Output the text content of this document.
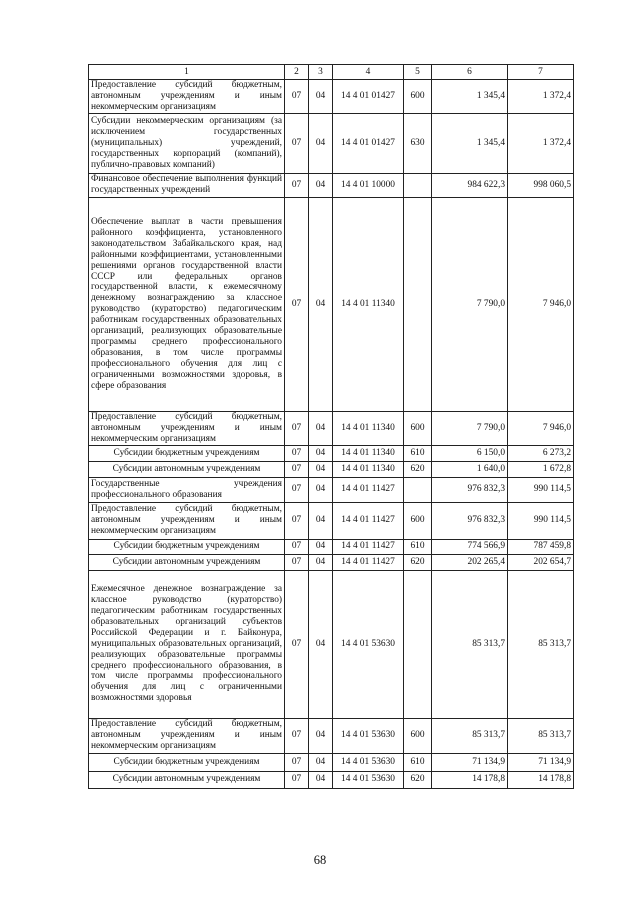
1	2	3	4	5	6	7
Предоставление субсидий бюджетным, автономным учреждениям и иным некоммерческим организациям	07	04	14 4 01 01427	600	1 345,4	1 372,4
Субсидии некоммерческим организациям (за исключением государственных (муниципальных) учреждений, государственных корпораций (компаний), публично-правовых компаний)	07	04	14 4 01 01427	630	1 345,4	1 372,4
Финансовое обеспечение выполнения функций государственных учреждений	07	04	14 4 01 10000		984 622,3	998 060,5
Обеспечение выплат в части превышения районного коэффициента, установленного законодательством Забайкальского края, над районными коэффициентами, установленными решениями органов государственной власти СССР или федеральных органов государственной власти, к ежемесячному денежному вознаграждению за классное руководство (кураторство) педагогическим работникам государственных образовательных организаций, реализующих образовательные программы среднего профессионального образования, в том числе программы профессионального обучения для лиц с ограниченными возможностями здоровья, в сфере образования	07	04	14 4 01 11340		7 790,0	7 946,0
Предоставление субсидий бюджетным, автономным учреждениям и иным некоммерческим организациям	07	04	14 4 01 11340	600	7 790,0	7 946,0
Субсидии бюджетным учреждениям	07	04	14 4 01 11340	610	6 150,0	6 273,2
Субсидии автономным учреждениям	07	04	14 4 01 11340	620	1 640,0	1 672,8
Государственные учреждения профессионального образования	07	04	14 4 01 11427		976 832,3	990 114,5
Предоставление субсидий бюджетным, автономным учреждениям и иным некоммерческим организациям	07	04	14 4 01 11427	600	976 832,3	990 114,5
Субсидии бюджетным учреждениям	07	04	14 4 01 11427	610	774 566,9	787 459,8
Субсидии автономным учреждениям	07	04	14 4 01 11427	620	202 265,4	202 654,7
Ежемесячное денежное вознаграждение за классное руководство (кураторство) педагогическим работникам государственных образовательных организаций субъектов Российской Федерации и г. Байконура, муниципальных образовательных организаций, реализующих образовательные программы среднего профессионального образования, в том числе программы профессионального обучения для лиц с ограниченными возможностями здоровья	07	04	14 4 01 53630		85 313,7	85 313,7
Предоставление субсидий бюджетным, автономным учреждениям и иным некоммерческим организациям	07	04	14 4 01 53630	600	85 313,7	85 313,7
Субсидии бюджетным учреждениям	07	04	14 4 01 53630	610	71 134,9	71 134,9
Субсидии автономным учреждениям	07	04	14 4 01 53630	620	14 178,8	14 178,8
68
